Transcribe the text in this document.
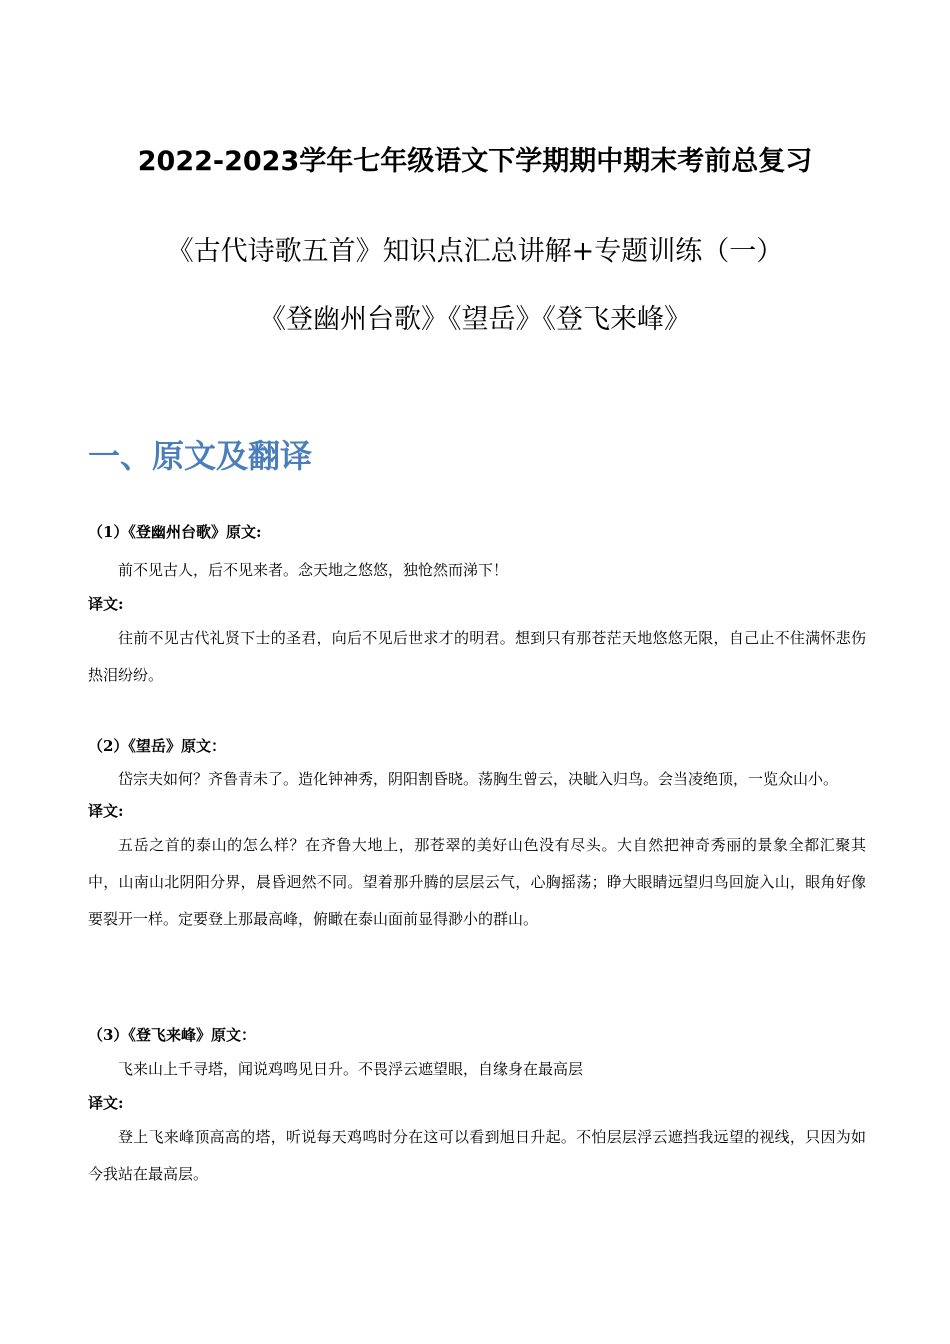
2022-2023学年七年级语文下学期期中期末考前总复习
《古代诗歌五首》知识点汇总讲解+专题训练（一）
《登幽州台歌》《望岳》《登飞来峰》
一、原文及翻译

（1）《登幽州台歌》原文:

前不见古人，后不见来者。念天地之悠悠，独怆然而涕下！

译文:

往前不见古代礼贤下士的圣君，向后不见后世求才的明君。想到只有那苍茫天地悠悠无限，自己止不住满怀悲伤热泪纷纷。

（2）《望岳》原文：

岱宗夫如何？齐鲁青未了。造化钟神秀，阴阳割昏晓。荡胸生曾云，决眦入归鸟。会当凌绝顶，一览众山小。

译文:

五岳之首的泰山的怎么样？在齐鲁大地上，那苍翠的美好山色没有尽头。大自然把神奇秀丽的景象全都汇聚其中，山南山北阴阳分界，晨昏迥然不同。望着那升腾的层层云气，心胸摇荡；睁大眼睛远望归鸟回旋入山，眼角好像要裂开一样。定要登上那最高峰，俯瞰在泰山面前显得渺小的群山。

（3）《登飞来峰》原文：

飞来山上千寻塔，闻说鸡鸣见日升。不畏浮云遮望眼，自缘身在最高层

译文:

登上飞来峰顶高高的塔，听说每天鸡鸣时分在这可以看到旭日升起。不怕层层浮云遮挡我远望的视线，只因为如今我站在最高层。
